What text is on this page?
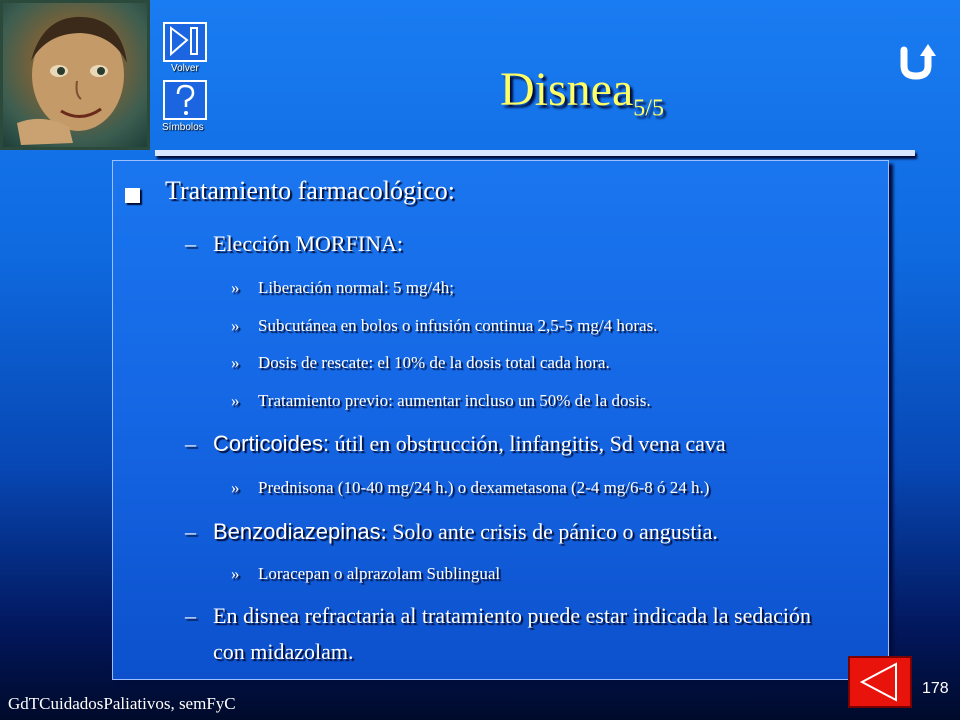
Volver
Símbolos
Disnea$_{5/5}$
Tratamiento farmacológico:
– Elección MORFINA:
» Liberación normal: 5 mg/4h;
» Subcutánea en bolos o infusión continua 2,5-5 mg/4 horas.
» Dosis de rescate: el 10% de la dosis total cada hora.
» Tratamiento previo: aumentar incluso un 50% de la dosis.
– Corticoides: útil en obstrucción, linfangitis, Sd vena cava
» Prednisona (10-40 mg/24 h.) o dexametasona (2-4 mg/6-8 ó 24 h.)
– Benzodiazepinas: Solo ante crisis de pánico o angustia.
» Loracepan o alprazolam Sublingual
– En disnea refractaria al tratamiento puede estar indicada la sedación
con midazolam.
GdTCuidadosPaliativos, semFyC
178
